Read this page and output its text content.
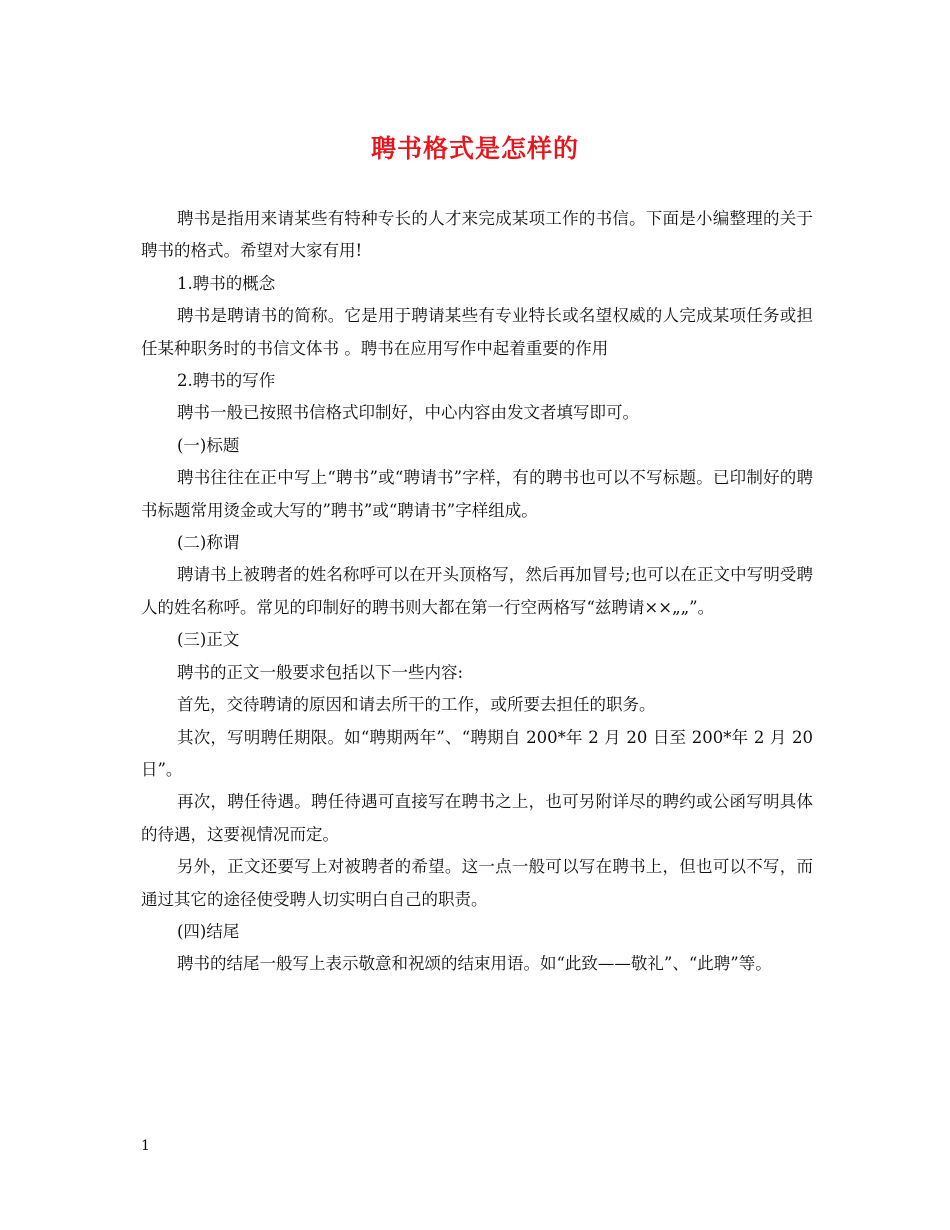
聘书格式是怎样的

聘书是指用来请某些有特种专长的人才来完成某项工作的书信。下面是小编整理的关于聘书的格式。希望对大家有用!

1.聘书的概念

聘书是聘请书的简称。它是用于聘请某些有专业特长或名望权威的人完成某项任务或担任某种职务时的书信文体书 。聘书在应用写作中起着重要的作用

2.聘书的写作

聘书一般已按照书信格式印制好，中心内容由发文者填写即可。

(一)标题

聘书往往在正中写上“聘书”或“聘请书”字样，有的聘书也可以不写标题。已印制好的聘书标题常用烫金或大写的”聘书”或“聘请书”字样组成。

(二)称谓

聘请书上被聘者的姓名称呼可以在开头顶格写，然后再加冒号;也可以在正文中写明受聘人的姓名称呼。常见的印制好的聘书则大都在第一行空两格写“兹聘请××„„”。

(三)正文

聘书的正文一般要求包括以下一些内容:

首先，交待聘请的原因和请去所干的工作，或所要去担任的职务。

其次，写明聘任期限。如“聘期两年”、“聘期自 200*年 2 月 20 日至 200*年 2 月 20 日”。

再次，聘任待遇。聘任待遇可直接写在聘书之上，也可另附详尽的聘约或公函写明具体的待遇，这要视情况而定。

另外，正文还要写上对被聘者的希望。这一点一般可以写在聘书上，但也可以不写，而通过其它的途径使受聘人切实明白自己的职责。

(四)结尾

聘书的结尾一般写上表示敬意和祝颂的结束用语。如“此致——敬礼”、“此聘”等。

1
